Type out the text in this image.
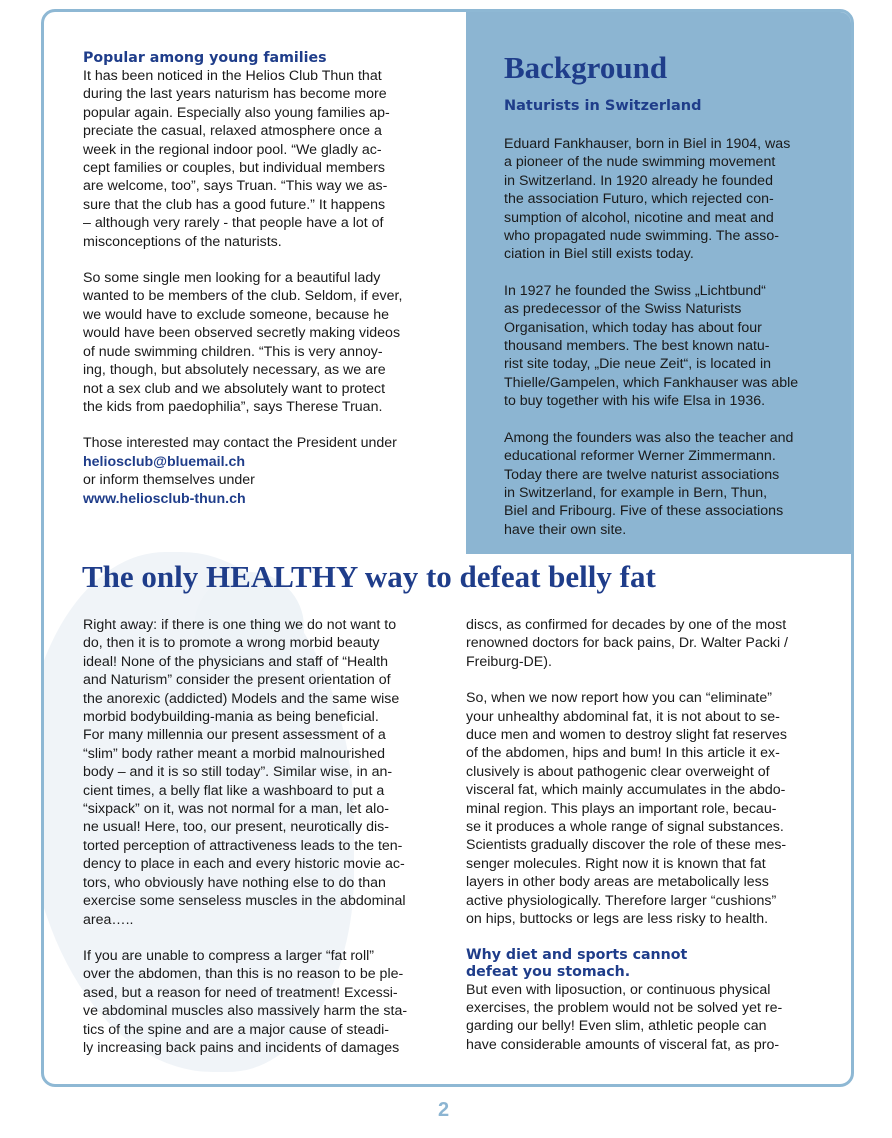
Popular among young families

It has been noticed in the Helios Club Thun that
during the last years naturism has become more
popular again. Especially also young families ap-
preciate the casual, relaxed atmosphere once a
week in the regional indoor pool. “We gladly ac-
cept families or couples, but individual members
are welcome, too”, says Truan. “This way we as-
sure that the club has a good future.” It happens
– although very rarely - that people have a lot of
misconceptions of the naturists.

So some single men looking for a beautiful lady
wanted to be members of the club. Seldom, if ever,
we would have to exclude someone, because he
would have been observed secretly making videos
of nude swimming children. “This is very annoy-
ing, though, but absolutely necessary, as we are
not a sex club and we absolutely want to protect
the kids from paedophilia”, says Therese Truan.

Those interested may contact the President under

heliosclub@bluemail.ch

or inform themselves under

www.heliosclub-thun.ch

Background
Naturists in Switzerland

Eduard Fankhauser, born in Biel in 1904, was
a pioneer of the nude swimming movement
in Switzerland. In 1920 already he founded
the association Futuro, which rejected con-
sumption of alcohol, nicotine and meat and
who propagated nude swimming. The asso-
ciation in Biel still exists today.

In 1927 he founded the Swiss „Lichtbund“
as predecessor of the Swiss Naturists
Organisation, which today has about four
thousand members. The best known natu-
rist site today, „Die neue Zeit“, is located in
Thielle/Gampelen, which Fankhauser was able
to buy together with his wife Elsa in 1936.

Among the founders was also the teacher and
educational reformer Werner Zimmermann.
Today there are twelve naturist associations
in Switzerland, for example in Bern, Thun,
Biel and Fribourg. Five of these associations
have their own site.

The only HEALTHY way to defeat belly fat

Right away: if there is one thing we do not want to
do, then it is to promote a wrong morbid beauty
ideal! None of the physicians and staff of “Health
and Naturism” consider the present orientation of
the anorexic (addicted) Models and the same wise
morbid bodybuilding-mania as being beneficial.
For many millennia our present assessment of a
“slim” body rather meant a morbid malnourished
body – and it is so still today”. Similar wise, in an-
cient times, a belly flat like a washboard to put a
“sixpack” on it, was not normal for a man, let alo-
ne usual! Here, too, our present, neurotically dis-
torted perception of attractiveness leads to the ten-
dency to place in each and every historic movie ac-
tors, who obviously have nothing else to do than
exercise some senseless muscles in the abdominal
area…..

If you are unable to compress a larger “fat roll”
over the abdomen, than this is no reason to be ple-
ased, but a reason for need of treatment! Excessi-
ve abdominal muscles also massively harm the sta-
tics of the spine and are a major cause of steadi-
ly increasing back pains and incidents of damages

discs, as confirmed for decades by one of the most
renowned doctors for back pains, Dr. Walter Packi /
Freiburg-DE).

So, when we now report how you can “eliminate”
your unhealthy abdominal fat, it is not about to se-
duce men and women to destroy slight fat reserves
of the abdomen, hips and bum! In this article it ex-
clusively is about pathogenic clear overweight of
visceral fat, which mainly accumulates in the abdo-
minal region. This plays an important role, becau-
se it produces a whole range of signal substances.
Scientists gradually discover the role of these mes-
senger molecules. Right now it is known that fat
layers in other body areas are metabolically less
active physiologically. Therefore larger “cushions”
on hips, buttocks or legs are less risky to health.

Why diet and sports cannot
defeat you stomach.

But even with liposuction, or continuous physical
exercises, the problem would not be solved yet re-
garding our belly! Even slim, athletic people can
have considerable amounts of visceral fat, as pro-

2
